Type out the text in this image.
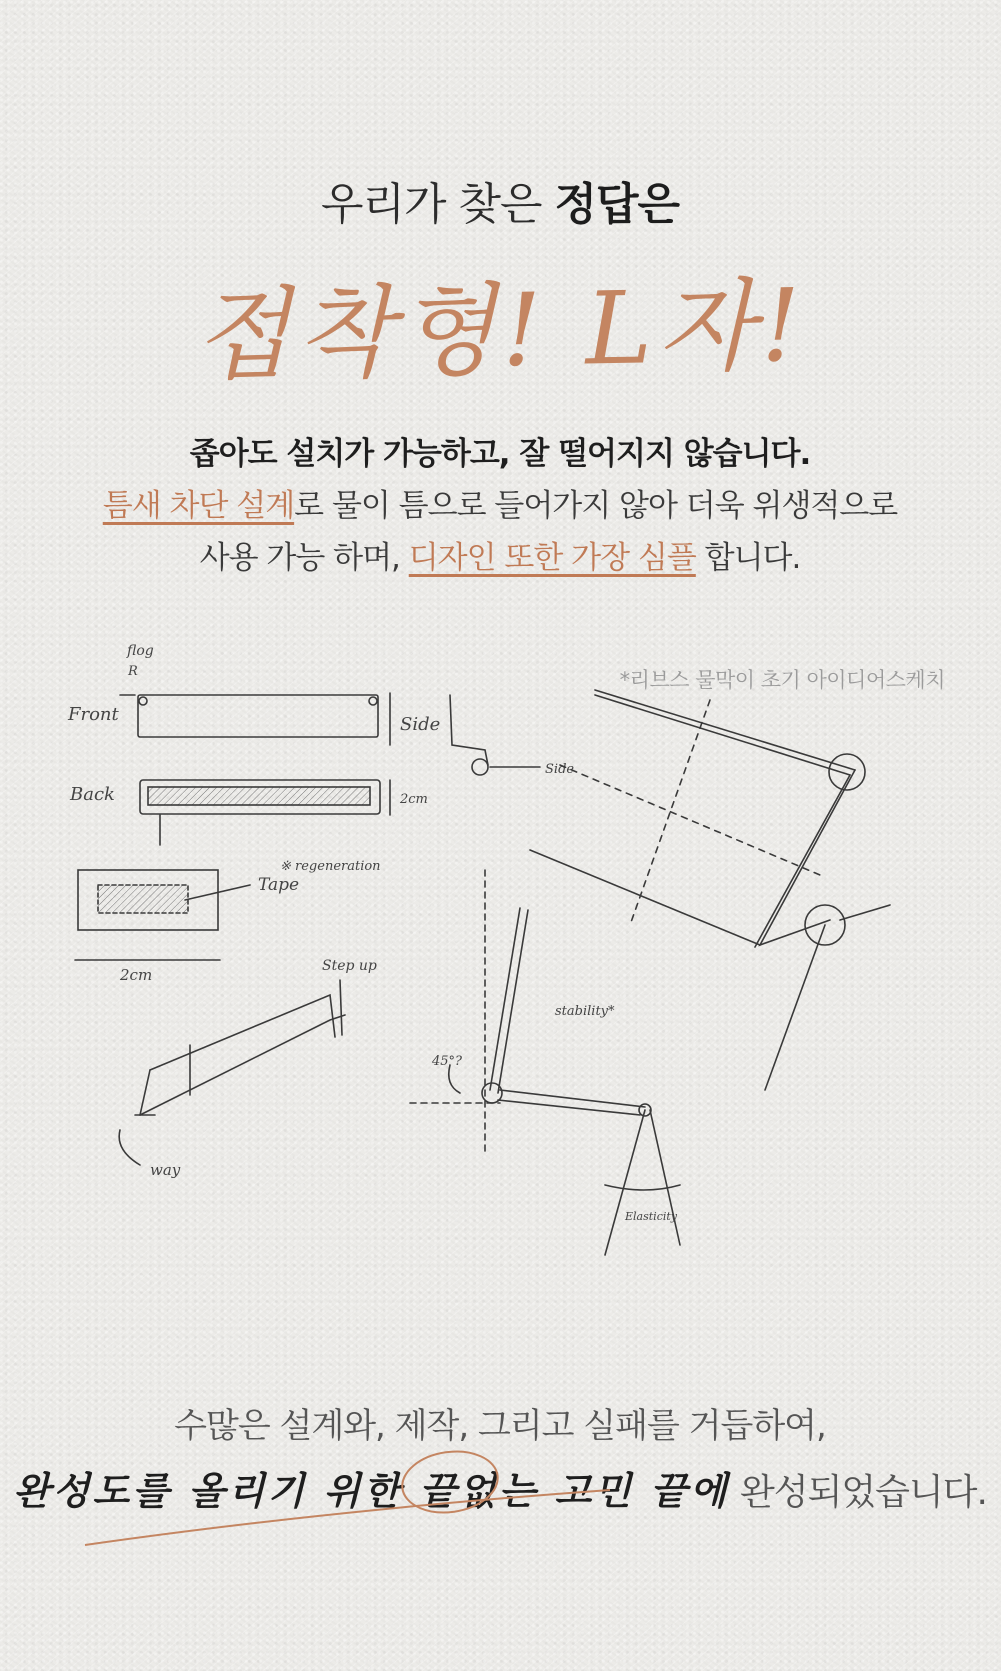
우리가 찾은 정답은
접착형! L자!
좁아도 설치가 가능하고, 잘 떨어지지 않습니다.
틈새 차단 설계로 물이 틈으로 들어가지 않아 더욱 위생적으로
사용 가능 하며, 디자인 또한 가장 심플 합니다.
*리브스 물막이 초기 아이디어스케치
R
flog
Front	Side
Side
Back	2cm
※ regeneration
Tape
2cm	Step up
way
stability*
45°?
Elasticity
수많은 설계와, 제작, 그리고 실패를 거듭하여,
완성도를 올리기 위한 끝없는 고민 끝에 완성되었습니다.
